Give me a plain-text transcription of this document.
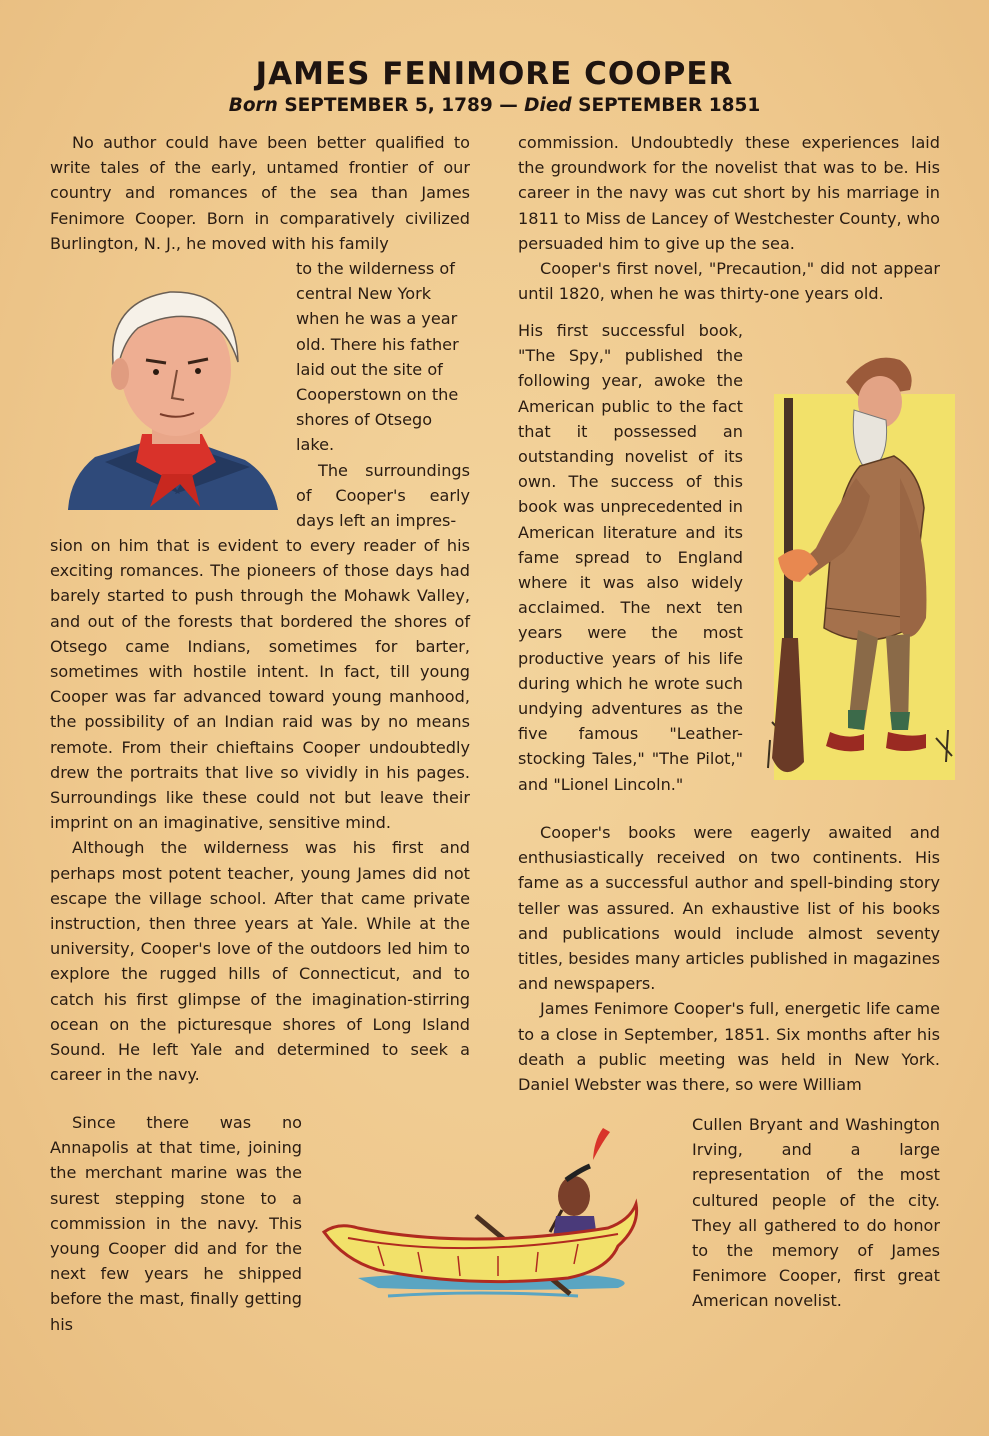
JAMES FENIMORE COOPER
Born SEPTEMBER 5, 1789 — Died SEPTEMBER 1851

No author could have been better qualified to write tales of the early, untamed frontier of our country and romances of the sea than James Fenimore Cooper. Born in comparatively civilized Burlington, N. J., he moved with his family

to the wilderness of central New York when he was a year old. There his father laid out the site of Cooperstown on the shores of Otsego lake.

The surroundings of Cooper's early days left an impres-

sion on him that is evident to every reader of his exciting romances. The pioneers of those days had barely started to push through the Mohawk Valley, and out of the forests that bordered the shores of Otsego came Indians, sometimes for barter, sometimes with hostile intent. In fact, till young Cooper was far advanced toward young manhood, the possibility of an Indian raid was by no means remote. From their chieftains Cooper undoubtedly drew the portraits that live so vividly in his pages. Surroundings like these could not but leave their imprint on an imaginative, sensitive mind.

Although the wilderness was his first and perhaps most potent teacher, young James did not escape the village school. After that came private instruction, then three years at Yale. While at the university, Cooper's love of the outdoors led him to explore the rugged hills of Connecticut, and to catch his first glimpse of the imagination-stirring ocean on the picturesque shores of Long Island Sound. He left Yale and determined to seek a career in the navy.

Since there was no Annapolis at that time, joining the merchant marine was the surest stepping stone to a commission in the navy. This young Cooper did and for the next few years he shipped before the mast, finally getting his

commission. Undoubtedly these experiences laid the groundwork for the novelist that was to be. His career in the navy was cut short by his marriage in 1811 to Miss de Lancey of Westchester County, who persuaded him to give up the sea.

Cooper's first novel, "Precaution," did not appear until 1820, when he was thirty-one years old.

His first successful book, "The Spy," published the following year, awoke the American public to the fact that it possessed an outstanding novelist of its own. The success of this book was unprecedented in American literature and its fame spread to England where it was also widely acclaimed. The next ten years were the most productive years of his life during which he wrote such undying adventures as the five famous "Leather-stocking Tales," "The Pilot," and "Lionel Lincoln."

Cooper's books were eagerly awaited and enthusiastically received on two continents. His fame as a successful author and spell-binding story teller was assured. An exhaustive list of his books and publications would include almost seventy titles, besides many articles published in magazines and newspapers.

James Fenimore Cooper's full, energetic life came to a close in September, 1851. Six months after his death a public meeting was held in New York. Daniel Webster was there, so were William

Cullen Bryant and Washington Irving, and a large representation of the most cultured people of the city. They all gathered to do honor to the memory of James Fenimore Cooper, first great American novelist.
